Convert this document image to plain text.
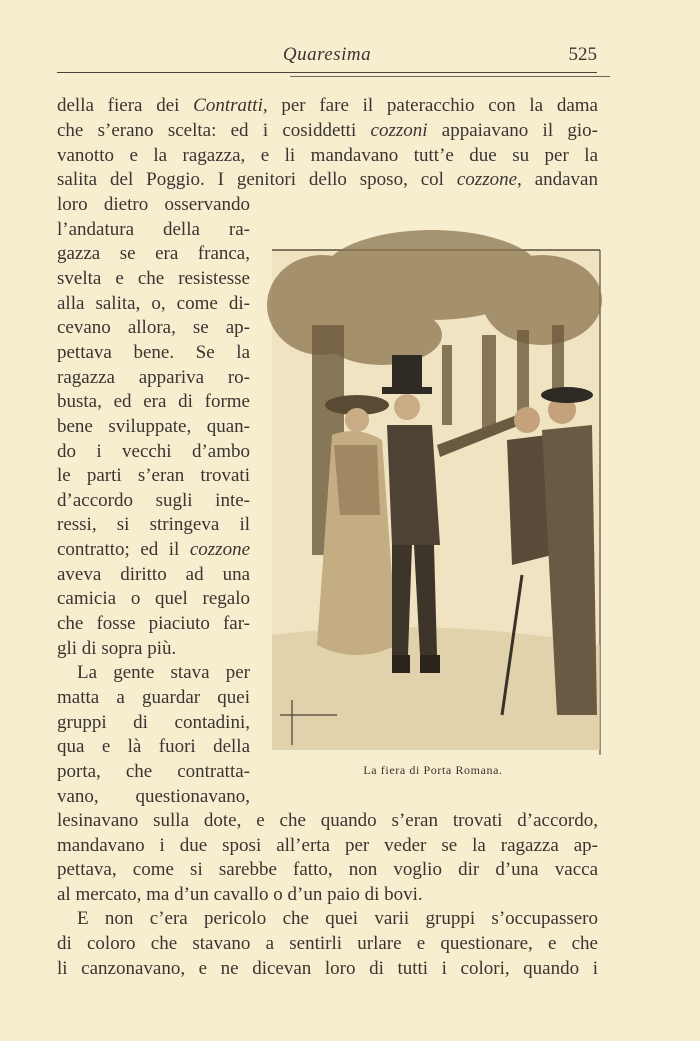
Quaresima	525
della fiera dei Contratti, per fare il pateracchio con la dama
che s’erano scelta: ed i cosiddetti cozzoni appaiavano il gio-
vanotto e la ragazza, e li mandavano tutt’e due su per la
salita del Poggio. I genitori dello sposo, col cozzone, andavan
loro dietro osservando
l’andatura della ra-
gazza se era franca,
svelta e che resistesse
alla salita, o, come di-
cevano allora, se ap-
pettava bene. Se la
ragazza appariva ro-
busta, ed era di forme
bene sviluppate, quan-
do i vecchi d’ambo
le parti s’eran trovati
d’accordo sugli inte-
ressi, si stringeva il
contratto; ed il cozzone
aveva diritto ad una
camicia o quel regalo
che fosse piaciuto far-
gli di sopra più.
La gente stava per
matta a guardar quei
gruppi di contadini,
qua e là fuori della
porta, che contratta-
vano, questionavano,
La fiera di Porta Romana.
lesinavano sulla dote, e che quando s’eran trovati d’accordo,
mandavano i due sposi all’erta per veder se la ragazza ap-
pettava, come si sarebbe fatto, non voglio dir d’una vacca
al mercato, ma d’un cavallo o d’un paio di bovi.
E non c’era pericolo che quei varii gruppi s’occupassero
di coloro che stavano a sentirli urlare e questionare, e che
li canzonavano, e ne dicevan loro di tutti i colori, quando i
